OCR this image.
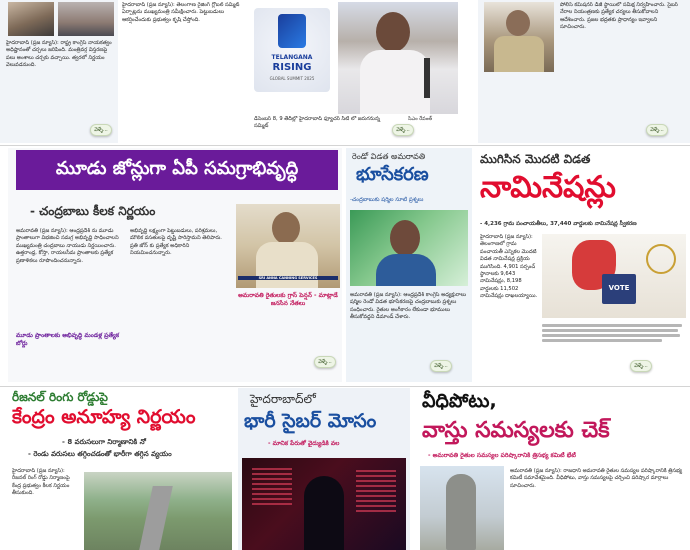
హైదరాబాద్ (ప్రజ న్యూస్): రాష్ట్ర కాంగ్రెస్ నాయకత్వం అధిష్టానంతో చర్చలు జరిపింది. మంత్రివర్గ విస్తరణపై పలు అంశాలు చర్చకు వచ్చాయి. త్వరలో నిర్ణయం వెలువడనుంది.
వెళ్ళే...
హైదరాబాద్ (ప్రజ న్యూస్): తెలంగాణ రైజింగ్ గ్లోబల్ సమ్మిట్ ఏర్పాట్లను ముఖ్యమంత్రి సమీక్షించారు. పెట్టుబడులు ఆకర్షించేందుకు ప్రభుత్వం కృషి చేస్తోంది.
TELANGANA
RISING
GLOBAL SUMMIT 2025
సిఎం రేవంత్
డిసెంబర్ 8, 9 తేదీల్లో హైదరాబాద్ ఫ్యూచర్ సిటీ లో జరుగనున్న సమ్మిట్
వెళ్ళే...
పోలీస్ కమిషనర్ డీజీ స్థాయిలో సమీక్ష నిర్వహించారు. సైబర్ నేరాల నియంత్రణకు ప్రత్యేక చర్యలు తీసుకోవాలని ఆదేశించారు. ప్రజల భద్రతకు ప్రాధాన్యం ఇవ్వాలని సూచించారు.
వెళ్ళే...
మూడు జోన్లుగా ఏపీ సమగ్రాభివృద్ధి
- చంద్రబాబు కీలక నిర్ణయం
అమరావతి (ప్రజ న్యూస్): ఆంధ్రప్రదేశ్ ను మూడు ప్రాంతాలుగా విభజించి సమగ్ర అభివృద్ధి సాధించాలని ముఖ్యమంత్రి చంద్రబాబు నాయుడు నిర్ణయించారు. ఉత్తరాంధ్ర, కోస్తా, రాయలసీమ ప్రాంతాలకు ప్రత్యేక ప్రణాళికలు రూపొందించనున్నారు.
అభివృద్ధి లక్ష్యంగా పెట్టుబడులు, పరిశ్రమలు, మౌలిక వసతులపై దృష్టి సారిస్తామని తెలిపారు. ప్రతి జోన్ కు ప్రత్యేక అధికారిని నియమించనున్నారు.
మూడు ప్రాంతాలకు అభివృద్ధి మండళ్ల ప్రత్యేక బోర్డు
SRI ANNA CANNING SERVICES
అమరావతి రైతులకు గ్రాస్ పెన్షన్ - మాట్లాడే జనసేన నేతలు
వెళ్ళే...
రెండో విడత అమరావతి
భూసేకరణ
-చంద్రబాబుకు షర్మిల సూటి ప్రశ్నలు
అమరావతి (ప్రజ న్యూస్): ఆంధ్రప్రదేశ్ కాంగ్రెస్ అధ్యక్షురాలు షర్మిల రెండో విడత భూసేకరణపై చంద్రబాబుకు ప్రశ్నలు సంధించారు. రైతుల అంగీకారం లేకుండా భూములు తీసుకోవద్దని డిమాండ్ చేశారు.
వెళ్ళే...
ముగిసిన మొదటి విడత
నామినేషన్లు
- 4,236 గ్రామ పంచాయతీలు, 37,440 వార్డులకు నామినేషన్ల స్వీకరణ
హైదరాబాద్ (ప్రజ న్యూస్): తెలంగాణలో గ్రామ పంచాయతీ ఎన్నికల మొదటి విడత నామినేషన్ల ప్రక్రియ ముగిసింది. 4,901 సర్పంచ్ స్థానాలకు 9,643 నామినేషన్లు, 8,198 వార్డులకు 11,502 నామినేషన్లు దాఖలయ్యాయి.
VOTE
వెళ్ళే...
రీజనల్ రింగు రోడ్డుపై
కేంద్రం అనూహ్య నిర్ణయం
- 8 వరుసలుగా నిర్మాణానికి నో
- రెండు వరుసలు తగ్గించడంతో భారీగా తగ్గిన వ్యయం
హైదరాబాద్ (ప్రజ న్యూస్): రీజనల్ రింగ్ రోడ్డు నిర్మాణంపై కేంద్ర ప్రభుత్వం కీలక నిర్ణయం తీసుకుంది.
హైదరాబాద్‌లో
భారీ సైబర్ మోసం
- మానిక పేరుతో వైద్యుడికి వల
వీధిపోటు,
వాస్తు సమస్యలకు చెక్
- అమరావతి రైతుల సమస్యల పరిష్కారానికి త్రిసభ్య కమిటీ భేటీ
అమరావతి (ప్రజ న్యూస్): రాజధాని అమరావతి రైతుల సమస్యల పరిష్కారానికి త్రిసభ్య కమిటీ సమావేశమైంది. వీధిపోటు, వాస్తు సమస్యలపై చర్చించి పరిష్కార మార్గాలు సూచించారు.
